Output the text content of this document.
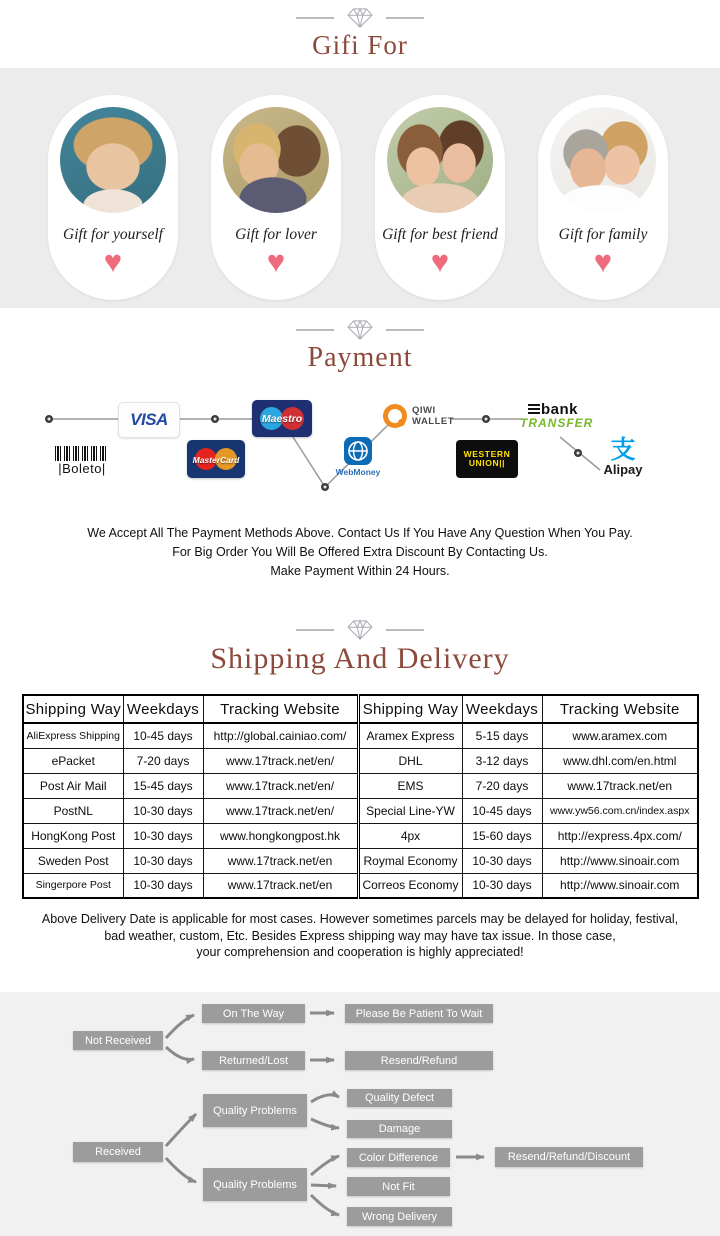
Gifi For
Gift for yourself
♥
Gift for lover
♥
Gift for best friend
♥
Gift for family
♥
Payment
|Boleto|
VISA
MasterCard
Maestro
WebMoney
QIWI
WALLET
WESTERN
UNION||
bank
TRANSFER
支
Alipay

We Accept All The Payment Methods Above. Contact Us If You Have Any Question When You Pay.

For Big Order You Will Be Offered Extra Discount By Contacting Us.

Make Payment Within 24 Hours.

Shipping And Delivery
Shipping Way	Weekdays	Tracking Website	Shipping Way	Weekdays	Tracking Website
AliExpress Shipping	10-45 days	http://global.cainiao.com/	Aramex Express	5-15 days	www.aramex.com
ePacket	7-20 days	www.17track.net/en/	DHL	3-12 days	www.dhl.com/en.html
Post Air Mail	15-45 days	www.17track.net/en/	EMS	7-20 days	www.17track.net/en
PostNL	10-30 days	www.17track.net/en/	Special Line-YW	10-45 days	www.yw56.com.cn/index.aspx
HongKong Post	10-30 days	www.hongkongpost.hk	4px	15-60 days	http://express.4px.com/
Sweden Post	10-30 days	www.17track.net/en	Roymal Economy	10-30 days	http://www.sinoair.com
Singerpore Post	10-30 days	www.17track.net/en	Correos Economy	10-30 days	http://www.sinoair.com

Above Delivery Date is applicable for most cases. However sometimes parcels may be delayed for holiday, festival,

bad weather, custom, Etc. Besides Express shipping way may have tax issue. In those case,

your comprehension and cooperation is highly appreciated!

Not Received
On The Way	Please Be Patient To Wait
Returned/Lost	Resend/Refund
Quality Problems
Quality Defect
Damage
Received	Color Difference	Resend/Refund/Discount
Quality Problems	Not Fit
Wrong Delivery
